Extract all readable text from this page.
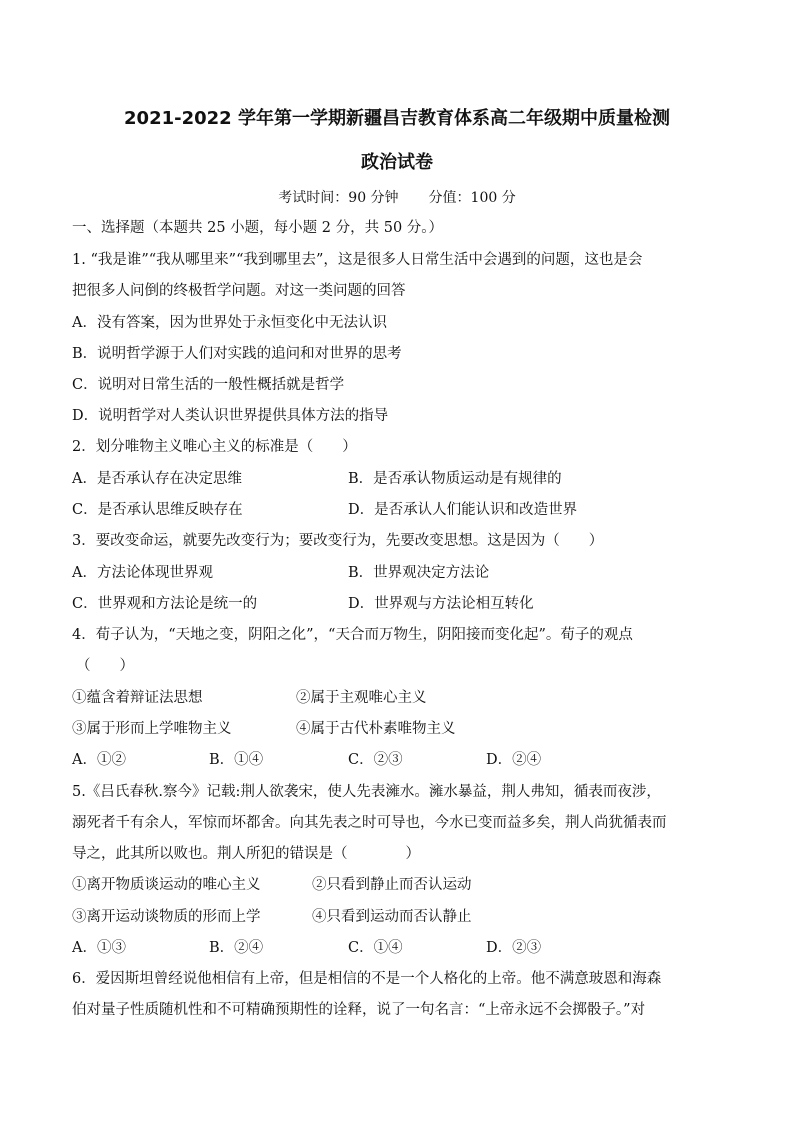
2021-2022 学年第一学期新疆昌吉教育体系高二年级期中质量检测
政治试卷
考试时间：90 分钟 分值：100 分
一、选择题（本题共 25 小题，每小题 2 分，共 50 分。）
1. “我是谁”“我从哪里来”“我到哪里去”，这是很多人日常生活中会遇到的问题，这也是会
把很多人问倒的终极哲学问题。对这一类问题的回答
A．没有答案，因为世界处于永恒变化中无法认识
B．说明哲学源于人们对实践的追问和对世界的思考
C．说明对日常生活的一般性概括就是哲学
D．说明哲学对人类认识世界提供具体方法的指导
2．划分唯物主义唯心主义的标准是（　　）
A．是否承认存在决定思维	B．是否承认物质运动是有规律的
C．是否承认思维反映存在	D．是否承认人们能认识和改造世界
3．要改变命运，就要先改变行为；要改变行为，先要改变思想。这是因为（　　）
A．方法论体现世界观	B．世界观决定方法论
C．世界观和方法论是统一的	D．世界观与方法论相互转化
4．荀子认为，“天地之变，阴阳之化”，“天合而万物生，阴阳接而变化起”。荀子的观点
（　　）
①蕴含着辩证法思想	②属于主观唯心主义
③属于形而上学唯物主义	④属于古代朴素唯物主义
A．①②	B．①④	C．②③	D．②④
5.《吕氏春秋.察今》记载:荆人欲袭宋，使人先表澭水。澭水暴益，荆人弗知，循表而夜涉，
溺死者千有余人，军惊而坏都舍。向其先表之时可导也，今水已变而益多矣，荆人尚犹循表而
导之，此其所以败也。荆人所犯的错误是（　　　　）
①离开物质谈运动的唯心主义	②只看到静止而否认运动
③离开运动谈物质的形而上学	④只看到运动而否认静止
A．①③	B．②④	C．①④	D．②③
6．爱因斯坦曾经说他相信有上帝，但是相信的不是一个人格化的上帝。他不满意玻恩和海森
伯对量子性质随机性和不可精确预期性的诠释，说了一句名言：“上帝永远不会掷骰子。”对
